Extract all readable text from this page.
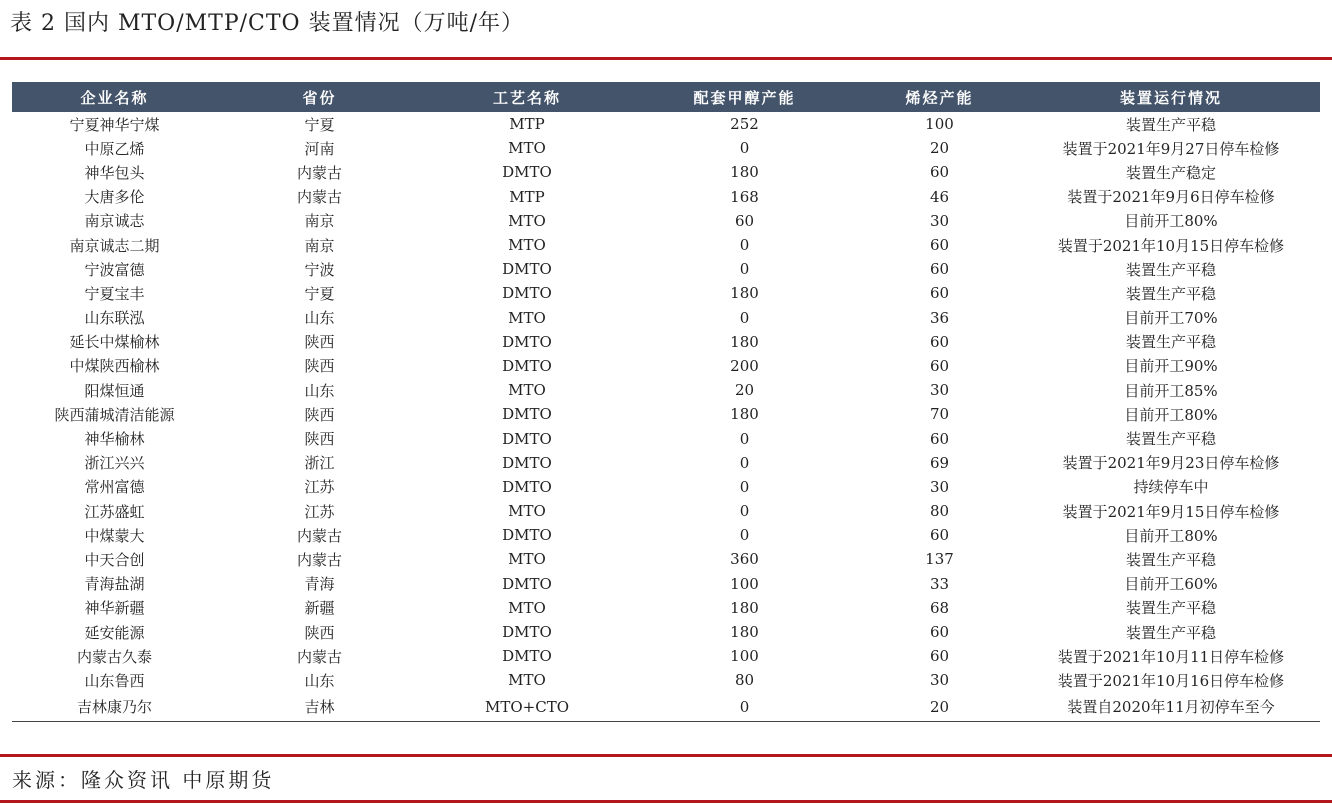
表 2 国内 MTO/MTP/CTO 装置情况（万吨/年）
企业名称	省份	工艺名称	配套甲醇产能	烯烃产能	装置运行情况
宁夏神华宁煤	宁夏	MTP	252	100	装置生产平稳
中原乙烯	河南	MTO	0	20	装置于2021年9月27日停车检修
神华包头	内蒙古	DMTO	180	60	装置生产稳定
大唐多伦	内蒙古	MTP	168	46	装置于2021年9月6日停车检修
南京诚志	南京	MTO	60	30	目前开工80%
南京诚志二期	南京	MTO	0	60	装置于2021年10月15日停车检修
宁波富德	宁波	DMTO	0	60	装置生产平稳
宁夏宝丰	宁夏	DMTO	180	60	装置生产平稳
山东联泓	山东	MTO	0	36	目前开工70%
延长中煤榆林	陕西	DMTO	180	60	装置生产平稳
中煤陕西榆林	陕西	DMTO	200	60	目前开工90%
阳煤恒通	山东	MTO	20	30	目前开工85%
陕西蒲城清洁能源	陕西	DMTO	180	70	目前开工80%
神华榆林	陕西	DMTO	0	60	装置生产平稳
浙江兴兴	浙江	DMTO	0	69	装置于2021年9月23日停车检修
常州富德	江苏	DMTO	0	30	持续停车中
江苏盛虹	江苏	MTO	0	80	装置于2021年9月15日停车检修
中煤蒙大	内蒙古	DMTO	0	60	目前开工80%
中天合创	内蒙古	MTO	360	137	装置生产平稳
青海盐湖	青海	DMTO	100	33	目前开工60%
神华新疆	新疆	MTO	180	68	装置生产平稳
延安能源	陕西	DMTO	180	60	装置生产平稳
内蒙古久泰	内蒙古	DMTO	100	60	装置于2021年10月11日停车检修
山东鲁西	山东	MTO	80	30	装置于2021年10月16日停车检修
吉林康乃尔	吉林	MTO+CTO	0	20	装置自2020年11月初停车至今
来源：隆众资讯 中原期货
